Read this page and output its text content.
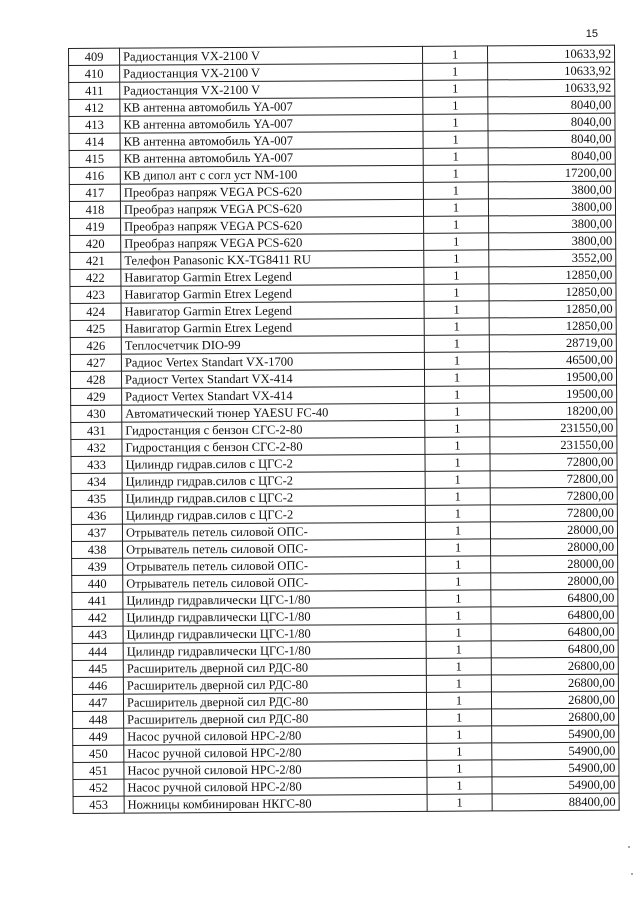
15
409	Радиостанция VX-2100 V	1	10633,92
410	Радиостанция VX-2100 V	1	10633,92
411	Радиостанция VX-2100 V	1	10633,92
412	КВ антенна автомобиль YA-007	1	8040,00
413	КВ антенна автомобиль YA-007	1	8040,00
414	КВ антенна автомобиль YA-007	1	8040,00
415	КВ антенна автомобиль YA-007	1	8040,00
416	КВ дипол ант с согл уст NM-100	1	17200,00
417	Преобраз напряж VEGA PCS-620	1	3800,00
418	Преобраз напряж VEGA PCS-620	1	3800,00
419	Преобраз напряж VEGA PCS-620	1	3800,00
420	Преобраз напряж VEGA PCS-620	1	3800,00
421	Телефон Panasonic KX-TG8411 RU	1	3552,00
422	Навигатор Garmin Etrex Legend	1	12850,00
423	Навигатор Garmin Etrex Legend	1	12850,00
424	Навигатор Garmin Etrex Legend	1	12850,00
425	Навигатор Garmin Etrex Legend	1	12850,00
426	Теплосчетчик DIO-99	1	28719,00
427	Радиос Vertex Standart VX-1700	1	46500,00
428	Радиост Vertex Standart VX-414	1	19500,00
429	Радиост Vertex Standart VX-414	1	19500,00
430	Автоматический тюнер YAESU FC-40	1	18200,00
431	Гидростанция с бензон СГС-2-80	1	231550,00
432	Гидростанция с бензон СГС-2-80	1	231550,00
433	Цилиндр гидрав.силов с ЦГС-2	1	72800,00
434	Цилиндр гидрав.силов с ЦГС-2	1	72800,00
435	Цилиндр гидрав.силов с ЦГС-2	1	72800,00
436	Цилиндр гидрав.силов с ЦГС-2	1	72800,00
437	Отрыватель петель силовой ОПС-	1	28000,00
438	Отрыватель петель силовой ОПС-	1	28000,00
439	Отрыватель петель силовой ОПС-	1	28000,00
440	Отрыватель петель силовой ОПС-	1	28000,00
441	Цилиндр гидравлически ЦГС-1/80	1	64800,00
442	Цилиндр гидравлически ЦГС-1/80	1	64800,00
443	Цилиндр гидравлически ЦГС-1/80	1	64800,00
444	Цилиндр гидравлически ЦГС-1/80	1	64800,00
445	Расширитель дверной сил РДС-80	1	26800,00
446	Расширитель дверной сил РДС-80	1	26800,00
447	Расширитель дверной сил РДС-80	1	26800,00
448	Расширитель дверной сил РДС-80	1	26800,00
449	Насос ручной силовой НРС-2/80	1	54900,00
450	Насос ручной силовой НРС-2/80	1	54900,00
451	Насос ручной силовой НРС-2/80	1	54900,00
452	Насос ручной силовой НРС-2/80	1	54900,00
453	Ножницы комбинирован НКГС-80	1	88400,00
